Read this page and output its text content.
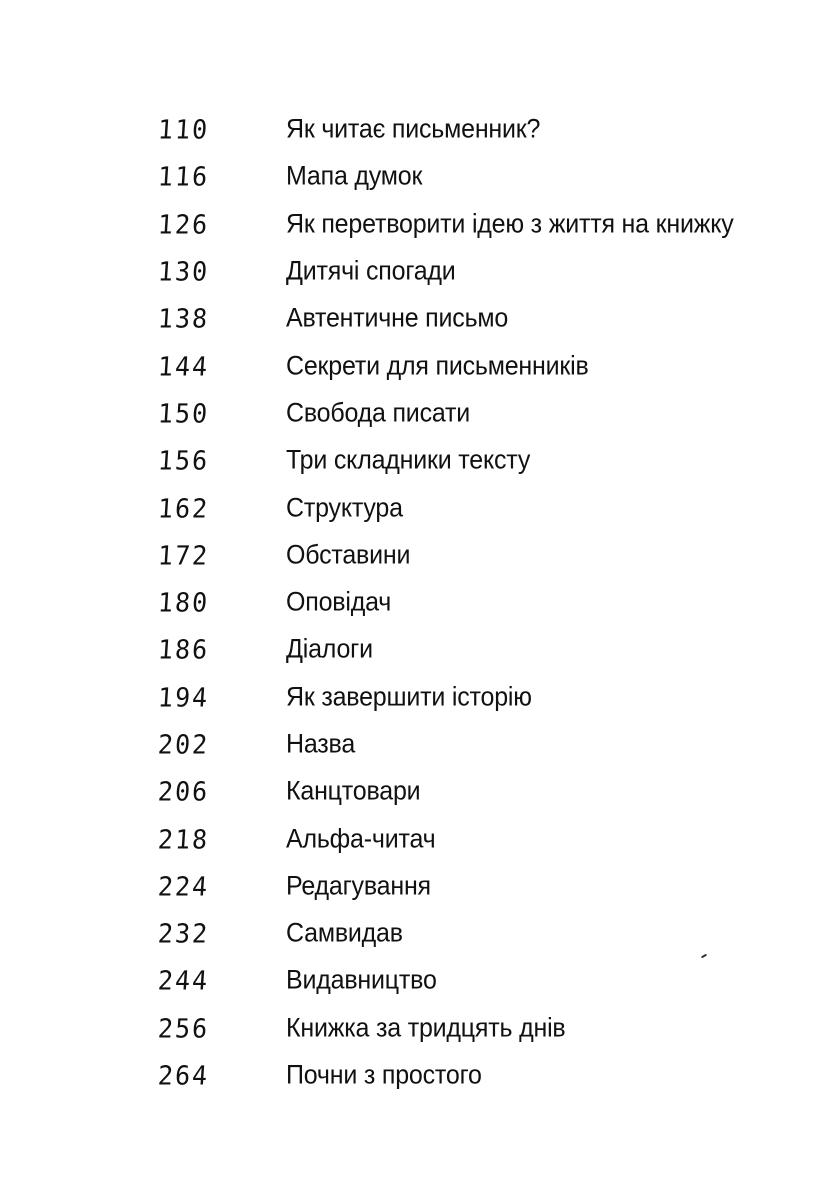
110	Як читає письменник?
116	Мапа думок
126	Як перетворити ідею з життя на книжку
130	Дитячі спогади
138	Автентичне письмо
144	Секрети для письменників
150	Свобода писати
156	Три складники тексту
162	Структура
172	Обставини
180	Оповідач
186	Діалоги
194	Як завершити історію
202	Назва
206	Канцтовари
218	Альфа-читач
224	Редагування
232	Самвидав
244	Видавництво
256	Книжка за тридцять днів
264	Почни з простого
